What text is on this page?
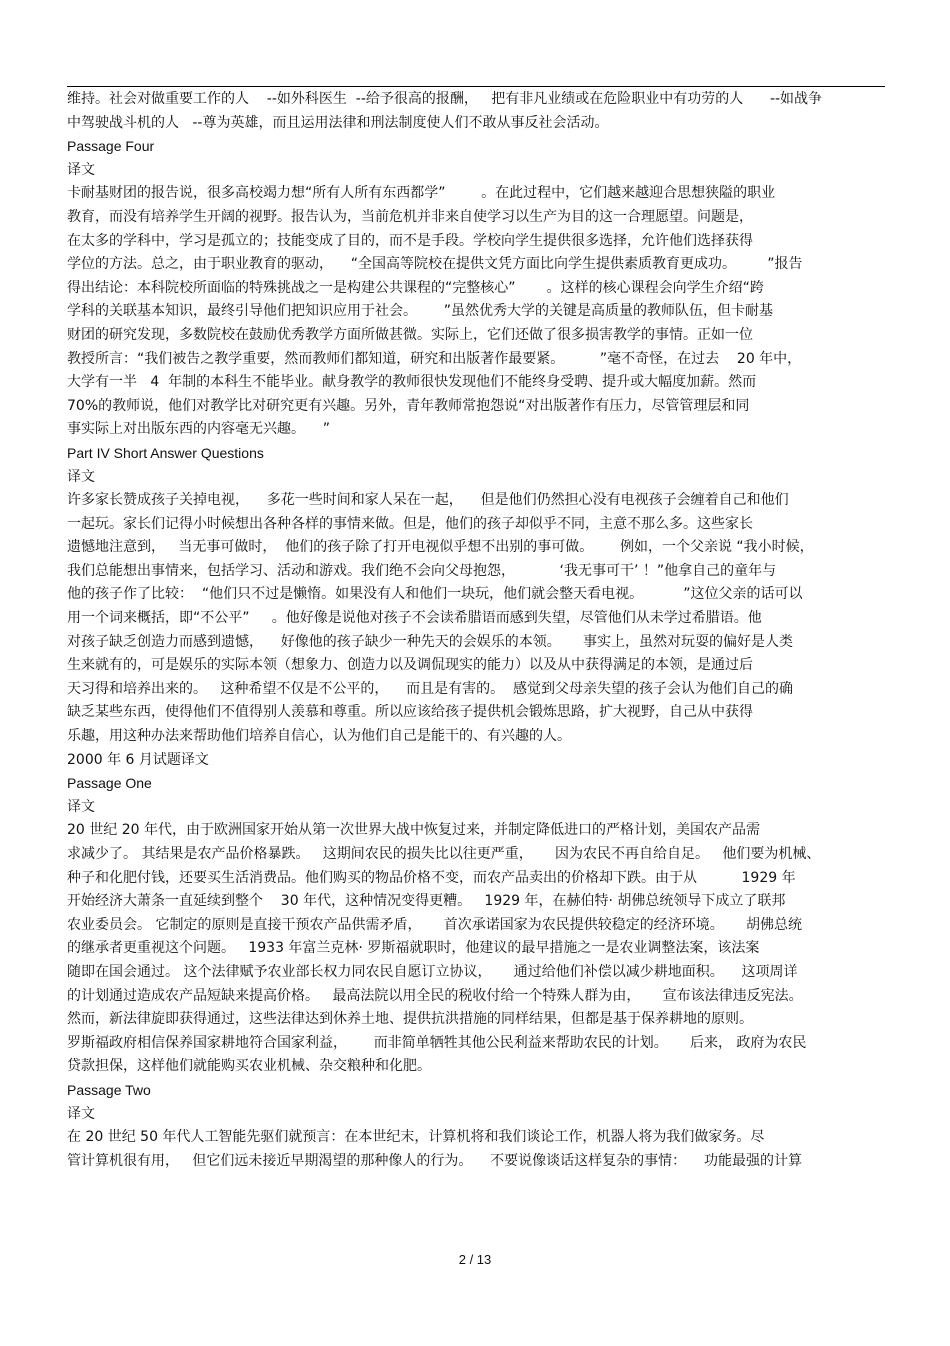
维持。社会对做重要工作的人    --如外科医生  --给予很高的报酬，   把有非凡业绩或在危险职业中有功劳的人      --如战争
中驾驶战斗机的人   --尊为英雄，而且运用法律和刑法制度使人们不敢从事反社会活动。
Passage Four
译文
卡耐基财团的报告说，很多高校竭力想“所有人所有东西都学”        。在此过程中，它们越来越迎合思想狭隘的职业
教育，而没有培养学生开阔的视野。报告认为，当前危机并非来自使学习以生产为目的这一合理愿望。问题是，
在太多的学科中，学习是孤立的；技能变成了目的，而不是手段。学校向学生提供很多选择，允许他们选择获得
学位的方法。总之，由于职业教育的驱动，    “全国高等院校在提供文凭方面比向学生提供素质教育更成功。       ”报告
得出结论：本科院校所面临的特殊挑战之一是构建公共课程的“完整核心”       。这样的核心课程会向学生介绍“跨
学科的关联基本知识，最终引导他们把知识应用于社会。      ”虽然优秀大学的关键是高质量的教师队伍，但卡耐基
财团的研究发现，多数院校在鼓励优秀教学方面所做甚微。实际上，它们还做了很多损害教学的事情。正如一位
教授所言：“我们被告之教学重要，然而教师们都知道，研究和出版著作最要紧。        ”毫不奇怪，在过去    20 年中，
大学有一半   4  年制的本科生不能毕业。献身教学的教师很快发现他们不能终身受聘、提升或大幅度加薪。然而
70%的教师说，他们对教学比对研究更有兴趣。另外，青年教师常抱怨说“对出版著作有压力，尽管管理层和同
事实际上对出版东西的内容毫无兴趣。    ”
Part IV Short Answer Questions
译文
许多家长赞成孩子关掉电视，    多花一些时间和家人呆在一起，    但是他们仍然担心没有电视孩子会缠着自己和他们
一起玩。家长们记得小时候想出各种各样的事情来做。但是，他们的孩子却似乎不同，主意不那么多。这些家长
遗憾地注意到，   当无事可做时，  他们的孩子除了打开电视似乎想不出别的事可做。      例如，一个父亲说 “我小时候，
我们总能想出事情来，包括学习、活动和游戏。我们绝不会向父母抱怨，          ‘我无事可干’ ！”他拿自己的童年与
他的孩子作了比较：  “他们只不过是懒惰。如果没有人和他们一块玩，他们就会整天看电视。         ”这位父亲的话可以
用一个词来概括，即“不公平”     。他好像是说他对孩子不会读希腊语而感到失望，尽管他们从未学过希腊语。他
对孩子缺乏创造力而感到遗憾，    好像他的孩子缺少一种先天的会娱乐的本领。     事实上，虽然对玩耍的偏好是人类
生来就有的，可是娱乐的实际本领（想象力、创造力以及调侃现实的能力）以及从中获得满足的本领，是通过后
天习得和培养出来的。   这种希望不仅是不公平的，    而且是有害的。  感觉到父母亲失望的孩子会认为他们自己的确
缺乏某些东西，使得他们不值得别人羡慕和尊重。所以应该给孩子提供机会锻炼思路，扩大视野，自己从中获得
乐趣，用这种办法来帮助他们培养自信心，认为他们自己是能干的、有兴趣的人。
2000 年 6 月试题译文
Passage One
译文
20 世纪 20 年代，由于欧洲国家开始从第一次世界大战中恢复过来，并制定降低进口的严格计划，美国农产品需
求减少了。 其结果是农产品价格暴跌。   这期间农民的损失比以往更严重，     因为农民不再自给自足。   他们要为机械、
种子和化肥付钱，还要买生活消费品。他们购买的物品价格不变，而农产品卖出的价格却下跌。由于从          1929 年
开始经济大萧条一直延续到整个    30 年代，这种情况变得更糟。   1929 年，在赫伯特· 胡佛总统领导下成立了联邦
农业委员会。 它制定的原则是直接干预农产品供需矛盾，     首次承诺国家为农民提供较稳定的经济环境。     胡佛总统
的继承者更重视这个问题。   1933 年富兰克林· 罗斯福就职时，他建议的最早措施之一是农业调整法案，该法案
随即在国会通过。 这个法律赋予农业部长权力同农民自愿订立协议，     通过给他们补偿以减少耕地面积。    这项周详
的计划通过造成农产品短缺来提高价格。   最高法院以用全民的税收付给一个特殊人群为由，     宣布该法律违反宪法。
然而，新法律旋即获得通过，这些法律达到休养土地、提供抗洪措施的同样结果，但都是基于保养耕地的原则。
罗斯福政府相信保养国家耕地符合国家利益，      而非简单牺牲其他公民利益来帮助农民的计划。     后来， 政府为农民
贷款担保，这样他们就能购买农业机械、杂交粮种和化肥。
Passage Two
译文
在 20 世纪 50 年代人工智能先驱们就预言：在本世纪末，计算机将和我们谈论工作，机器人将为我们做家务。尽
管计算机很有用，   但它们远未接近早期渴望的那种像人的行为。    不要说像谈话这样复杂的事情：    功能最强的计算
2 / 13
